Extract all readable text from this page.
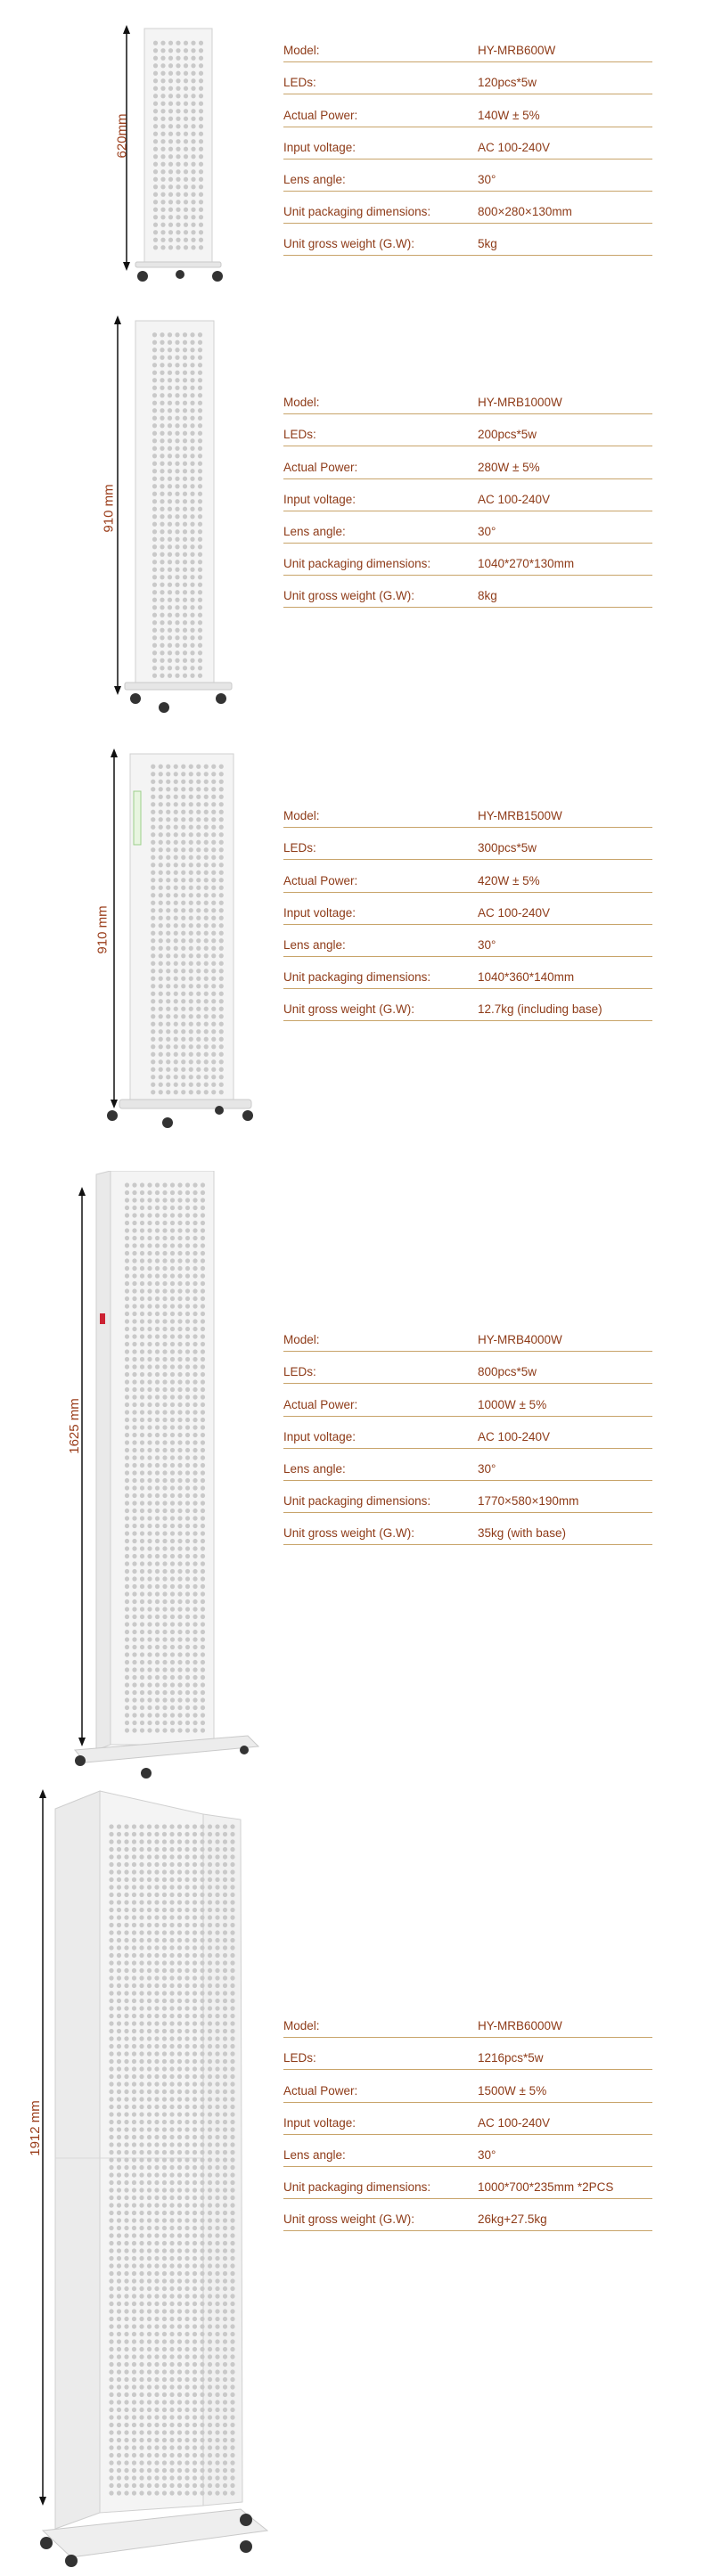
620mm
Model:	HY-MRB600W
LEDs:	120pcs*5w
Actual Power:	140W ± 5%
Input voltage:	AC 100-240V
Lens angle:	30°
Unit packaging dimensions:	800×280×130mm
Unit gross weight (G.W):	5kg
910 mm
Model:	HY-MRB1000W
LEDs:	200pcs*5w
Actual Power:	280W ± 5%
Input voltage:	AC 100-240V
Lens angle:	30°
Unit packaging dimensions:	1040*270*130mm
Unit gross weight (G.W):	8kg
910 mm
Model:	HY-MRB1500W
LEDs:	300pcs*5w
Actual Power:	420W ± 5%
Input voltage:	AC 100-240V
Lens angle:	30°
Unit packaging dimensions:	1040*360*140mm
Unit gross weight (G.W):	12.7kg (including base)
1625 mm
Model:	HY-MRB4000W
LEDs:	800pcs*5w
Actual Power:	1000W ± 5%
Input voltage:	AC 100-240V
Lens angle:	30°
Unit packaging dimensions:	1770×580×190mm
Unit gross weight (G.W):	35kg (with base)
1912 mm
Model:	HY-MRB6000W
LEDs:	1216pcs*5w
Actual Power:	1500W ± 5%
Input voltage:	AC 100-240V
Lens angle:	30°
Unit packaging dimensions:	1000*700*235mm *2PCS
Unit gross weight (G.W):	26kg+27.5kg
